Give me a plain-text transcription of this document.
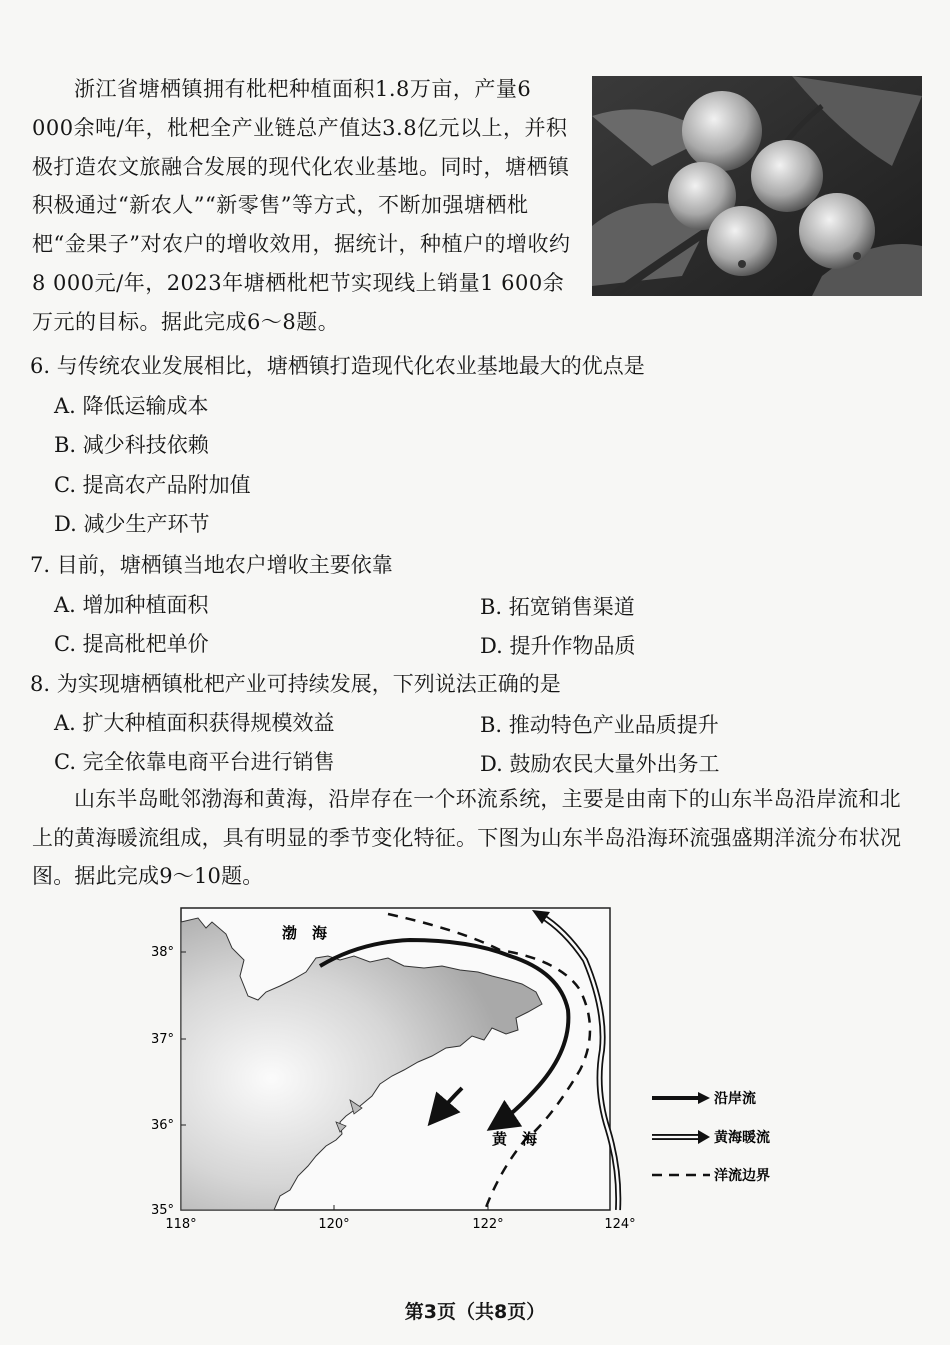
浙江省塘栖镇拥有枇杷种植面积1.8万亩，产量6 000余吨/年，枇杷全产业链总产值达3.8亿元以上，并积极打造农文旅融合发展的现代化农业基地。同时，塘栖镇积极通过“新农人”“新零售”等方式，不断加强塘栖枇杷“金果子”对农户的增收效用，据统计，种植户的增收约8 000元/年，2023年塘栖枇杷节实现线上销量1 600余万元的目标。据此完成6～8题。

6. 与传统农业发展相比，塘栖镇打造现代化农业基地最大的优点是

A. 降低运输成本

B. 减少科技依赖

C. 提高农产品附加值

D. 减少生产环节

7. 目前，塘栖镇当地农户增收主要依靠

A. 增加种植面积	B. 拓宽销售渠道

C. 提高枇杷单价	D. 提升作物品质

8. 为实现塘栖镇枇杷产业可持续发展，下列说法正确的是

A. 扩大种植面积获得规模效益	B. 推动特色产业品质提升

C. 完全依靠电商平台进行销售	D. 鼓励农民大量外出务工

山东半岛毗邻渤海和黄海，沿岸存在一个环流系统，主要是由南下的山东半岛沿岸流和北上的黄海暖流组成，具有明显的季节变化特征。下图为山东半岛沿海环流强盛期洋流分布状况图。据此完成9～10题。

渤　海
黄　海
38°
37°
36°
35°
118°	120°	122°	124°
沿岸流
黄海暖流
洋流边界
第3页（共8页）
